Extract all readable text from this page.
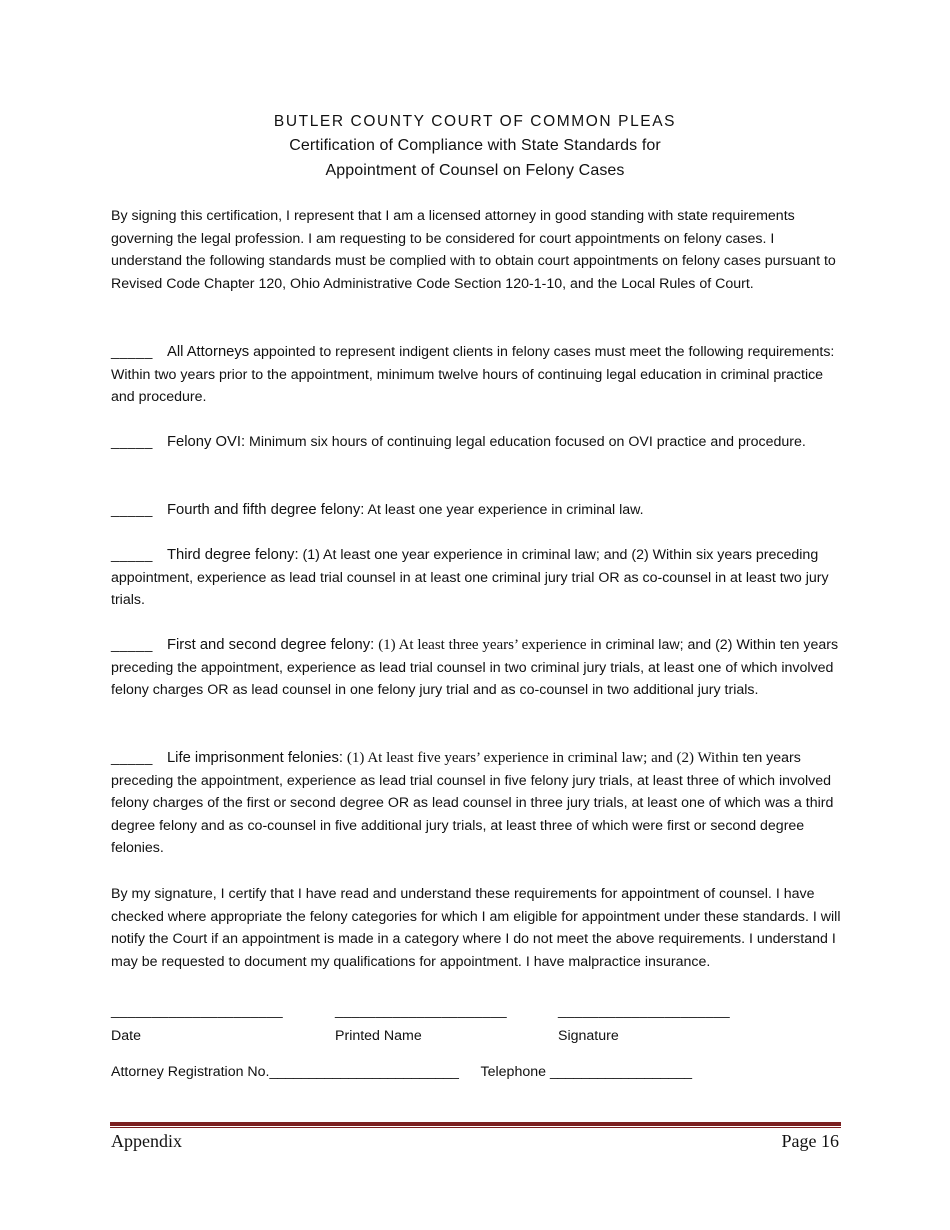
BUTLER COUNTY COURT OF COMMON PLEAS
Certification of Compliance with State Standards for
Appointment of Counsel on Felony Cases

By signing this certification, I represent that I am a licensed attorney in good standing with state requirements governing the legal profession. I am requesting to be considered for court appointments on felony cases. I understand the following standards must be complied with to obtain court appointments on felony cases pursuant to Revised Code Chapter 120, Ohio Administrative Code Section 120-1-10, and the Local Rules of Court.

_____ All Attorneys appointed to represent indigent clients in felony cases must meet the following requirements: Within two years prior to the appointment, minimum twelve hours of continuing legal education in criminal practice and procedure.

_____ Felony OVI: Minimum six hours of continuing legal education focused on OVI practice and procedure.

_____ Fourth and fifth degree felony: At least one year experience in criminal law.

_____ Third degree felony: (1) At least one year experience in criminal law; and (2) Within six years preceding appointment, experience as lead trial counsel in at least one criminal jury trial OR as co-counsel in at least two jury trials.

_____ First and second degree felony: (1) At least three years’ experience in criminal law; and (2) Within ten years preceding the appointment, experience as lead trial counsel in two criminal jury trials, at least one of which involved felony charges OR as lead counsel in one felony jury trial and as co-counsel in two additional jury trials.

_____ Life imprisonment felonies: (1) At least five years’ experience in criminal law; and (2) Within ten years preceding the appointment, experience as lead trial counsel in five felony jury trials, at least three of which involved felony charges of the first or second degree OR as lead counsel in three jury trials, at least one of which was a third degree felony and as co-counsel in five additional jury trials, at least three of which were first or second degree felonies.

By my signature, I certify that I have read and understand these requirements for appointment of counsel. I have checked where appropriate the felony categories for which I am eligible for appointment under these standards. I will notify the Court if an appointment is made in a category where I do not meet the above requirements. I understand I may be requested to document my qualifications for appointment. I have malpractice insurance.

_____________________
Date
_____________________
Printed Name
_____________________
Signature
Attorney Registration No.________________________ Telephone __________________
Appendix	Page 16
